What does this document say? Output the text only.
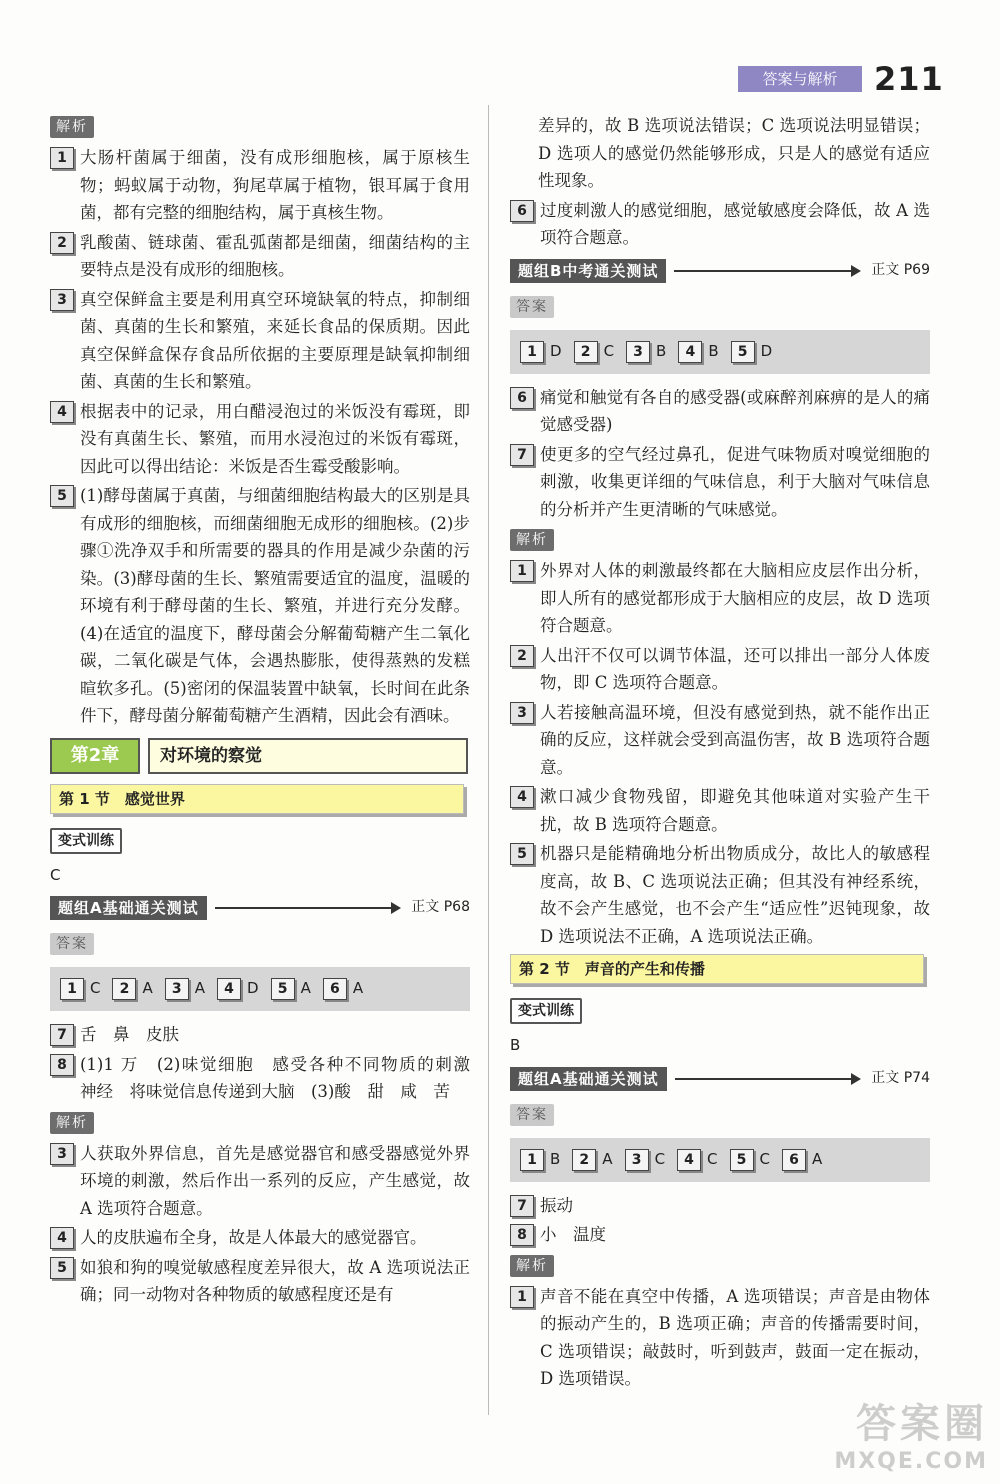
答案与解析	211
解析
1 大肠杆菌属于细菌，没有成形细胞核，属于原核生物；蚂蚁属于动物，狗尾草属于植物，银耳属于食用菌，都有完整的细胞结构，属于真核生物。
2 乳酸菌、链球菌、霍乱弧菌都是细菌，细菌结构的主要特点是没有成形的细胞核。
3 真空保鲜盒主要是利用真空环境缺氧的特点，抑制细菌、真菌的生长和繁殖，来延长食品的保质期。因此真空保鲜盒保存食品所依据的主要原理是缺氧抑制细菌、真菌的生长和繁殖。
4 根据表中的记录，用白醋浸泡过的米饭没有霉斑，即没有真菌生长、繁殖，而用水浸泡过的米饭有霉斑，因此可以得出结论：米饭是否生霉受酸影响。
5 (1)酵母菌属于真菌，与细菌细胞结构最大的区别是具有成形的细胞核，而细菌细胞无成形的细胞核。(2)步骤①洗净双手和所需要的器具的作用是减少杂菌的污染。(3)酵母菌的生长、繁殖需要适宜的温度，温暖的环境有利于酵母菌的生长、繁殖，并进行充分发酵。(4)在适宜的温度下，酵母菌会分解葡萄糖产生二氧化碳，二氧化碳是气体，会遇热膨胀，使得蒸熟的发糕暄软多孔。(5)密闭的保温装置中缺氧，长时间在此条件下，酵母菌分解葡萄糖产生酒精，因此会有酒味。
第2章	对环境的察觉
第 1 节　感觉世界
变式训练
C
题组A基础通关测试	正文 P68
答案
1 C	2 A	3 A	4 D	5 A	6 A
7 舌　鼻　皮肤
8 (1)1 万　(2)味觉细胞　感受各种不同物质的刺激　神经　将味觉信息传递到大脑　(3)酸　甜　咸　苦
解析
3 人获取外界信息，首先是感觉器官和感受器感觉外界环境的刺激，然后作出一系列的反应，产生感觉，故 A 选项符合题意。
4 人的皮肤遍布全身，故是人体最大的感觉器官。
5 如狼和狗的嗅觉敏感程度差异很大，故 A 选项说法正确；同一动物对各种物质的敏感程度还是有
差异的，故 B 选项说法错误；C 选项说法明显错误；D 选项人的感觉仍然能够形成，只是人的感觉有适应性现象。
6 过度刺激人的感觉细胞，感觉敏感度会降低，故 A 选项符合题意。
题组B中考通关测试	正文 P69
答案
1 D	2 C	3 B	4 B	5 D
6 痛觉和触觉有各自的感受器(或麻醉剂麻痹的是人的痛觉感受器)
7 使更多的空气经过鼻孔，促进气味物质对嗅觉细胞的刺激，收集更详细的气味信息，利于大脑对气味信息的分析并产生更清晰的气味感觉。
解析
1 外界对人体的刺激最终都在大脑相应皮层作出分析，即人所有的感觉都形成于大脑相应的皮层，故 D 选项符合题意。
2 人出汗不仅可以调节体温，还可以排出一部分人体废物，即 C 选项符合题意。
3 人若接触高温环境，但没有感觉到热，就不能作出正确的反应，这样就会受到高温伤害，故 B 选项符合题意。
4 漱口减少食物残留，即避免其他味道对实验产生干扰，故 B 选项符合题意。
5 机器只是能精确地分析出物质成分，故比人的敏感程度高，故 B、C 选项说法正确；但其没有神经系统，故不会产生感觉，也不会产生“适应性”迟钝现象，故 D 选项说法不正确，A 选项说法正确。
第 2 节　声音的产生和传播
变式训练
B
题组A基础通关测试	正文 P74
答案
1 B	2 A	3 C	4 C	5 C	6 A
7 振动
8 小　温度
解析
1 声音不能在真空中传播，A 选项错误；声音是由物体的振动产生的，B 选项正确；声音的传播需要时间，C 选项错误；敲鼓时，听到鼓声，鼓面一定在振动，D 选项错误。
答案圈
MXQE.COM
